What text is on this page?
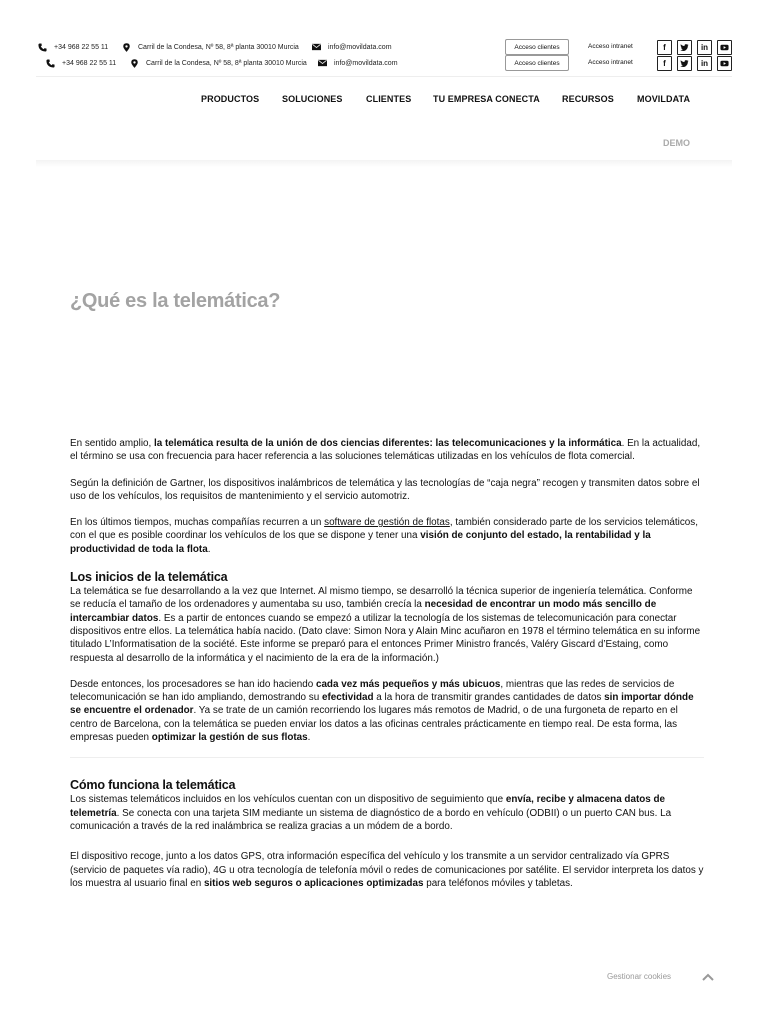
+34 968 22 55 11	Carril de la Condesa, Nº 58, 8ª planta 30010 Murcia	info@movildata.com
+34 968 22 55 11	Carril de la Condesa, Nº 58, 8ª planta 30010 Murcia	info@movildata.com
Acceso clientes
Acceso clientes
Acceso intranet
Acceso intranet
f	in
f	in
PRODUCTOS	SOLUCIONES	CLIENTES TU EMPRESA CONECTA RECURSOS	MOVILDATA
DEMO
¿Qué es la telemática?

En sentido amplio, la telemática resulta de la unión de dos ciencias diferentes: las telecomunicaciones y la informática. En la actualidad, el término se usa con frecuencia para hacer referencia a las soluciones telemáticas utilizadas en los vehículos de flota comercial.

Según la definición de Gartner, los dispositivos inalámbricos de telemática y las tecnologías de “caja negra” recogen y transmiten datos sobre el uso de los vehículos, los requisitos de mantenimiento y el servicio automotriz.

En los últimos tiempos, muchas compañías recurren a un software de gestión de flotas, también considerado parte de los servicios telemáticos, con el que es posible coordinar los vehículos de los que se dispone y tener una visión de conjunto del estado, la rentabilidad y la productividad de toda la flota.

Los inicios de la telemática

La telemática se fue desarrollando a la vez que Internet. Al mismo tiempo, se desarrolló la técnica superior de ingeniería telemática. Conforme se reducía el tamaño de los ordenadores y aumentaba su uso, también crecía la necesidad de encontrar un modo más sencillo de intercambiar datos. Es a partir de entonces cuando se empezó a utilizar la tecnología de los sistemas de telecomunicación para conectar dispositivos entre ellos. La telemática había nacido. (Dato clave: Simon Nora y Alain Minc acuñaron en 1978 el término telemática en su informe titulado L’Informatisation de la société. Este informe se preparó para el entonces Primer Ministro francés, Valéry Giscard d’Estaing, como respuesta al desarrollo de la informática y el nacimiento de la era de la información.)

Desde entonces, los procesadores se han ido haciendo cada vez más pequeños y más ubicuos, mientras que las redes de servicios de telecomunicación se han ido ampliando, demostrando su efectividad a la hora de transmitir grandes cantidades de datos sin importar dónde se encuentre el ordenador. Ya se trate de un camión recorriendo los lugares más remotos de Madrid, o de una furgoneta de reparto en el centro de Barcelona, con la telemática se pueden enviar los datos a las oficinas centrales prácticamente en tiempo real. De esta forma, las empresas pueden optimizar la gestión de sus flotas.

Cómo funciona la telemática

Los sistemas telemáticos incluidos en los vehículos cuentan con un dispositivo de seguimiento que envía, recibe y almacena datos de telemetría. Se conecta con una tarjeta SIM mediante un sistema de diagnóstico de a bordo en vehículo (ODBII) o un puerto CAN bus. La comunicación a través de la red inalámbrica se realiza gracias a un módem de a bordo.

El dispositivo recoge, junto a los datos GPS, otra información específica del vehículo y los transmite a un servidor centralizado vía GPRS (servicio de paquetes vía radio), 4G u otra tecnología de telefonía móvil o redes de comunicaciones por satélite. El servidor interpreta los datos y los muestra al usuario final en sitios web seguros o aplicaciones optimizadas para teléfonos móviles y tabletas.

Gestionar cookies
